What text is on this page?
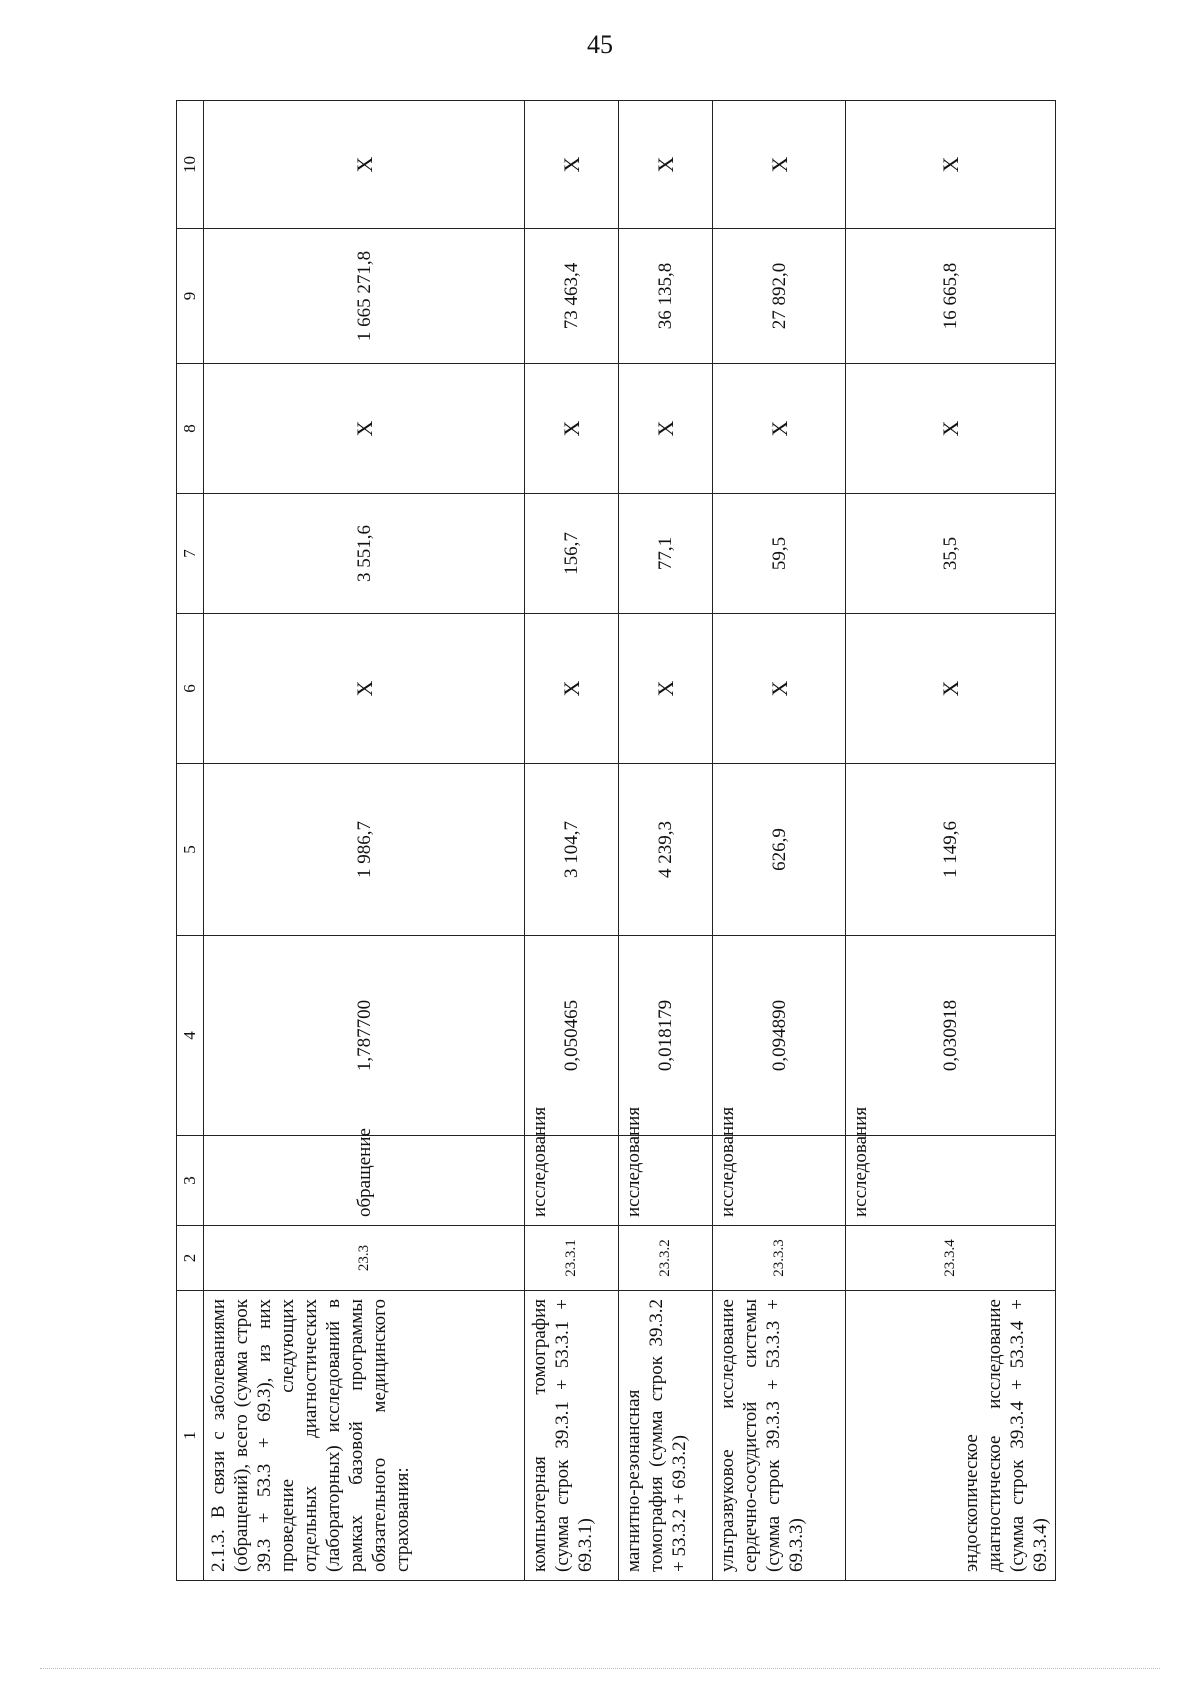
45
1	2	3	4	5	6	7	8	9	10
2.1.3. В связи с заболеваниями (обращений), всего (сумма строк 39.3 + 53.3 + 69.3), из них проведение следующих отдельных диагностических (лабораторных) исследований в рамках базовой программы обязательного медицинского страхования:	23.3	обращение	1,787700	1 986,7	X	3 551,6	X	1 665 271,8	X
компьютерная томография (сумма строк 39.3.1 + 53.3.1 + 69.3.1)	23.3.1	исследования	0,050465	3 104,7	X	156,7	X	73 463,4	X
магнитно-резонансная томография (сумма строк 39.3.2 + 53.3.2 + 69.3.2)	23.3.2	исследования	0,018179	4 239,3	X	77,1	X	36 135,8	X
ультразвуковое исследование сердечно-сосудистой системы (сумма строк 39.3.3 + 53.3.3 + 69.3.3)	23.3.3	исследования	0,094890	626,9	X	59,5	X	27 892,0	X
эндоскопическое диагностическое исследование (сумма строк 39.3.4 + 53.3.4 + 69.3.4)	23.3.4	исследования	0,030918	1 149,6	X	35,5	X	16 665,8	X
